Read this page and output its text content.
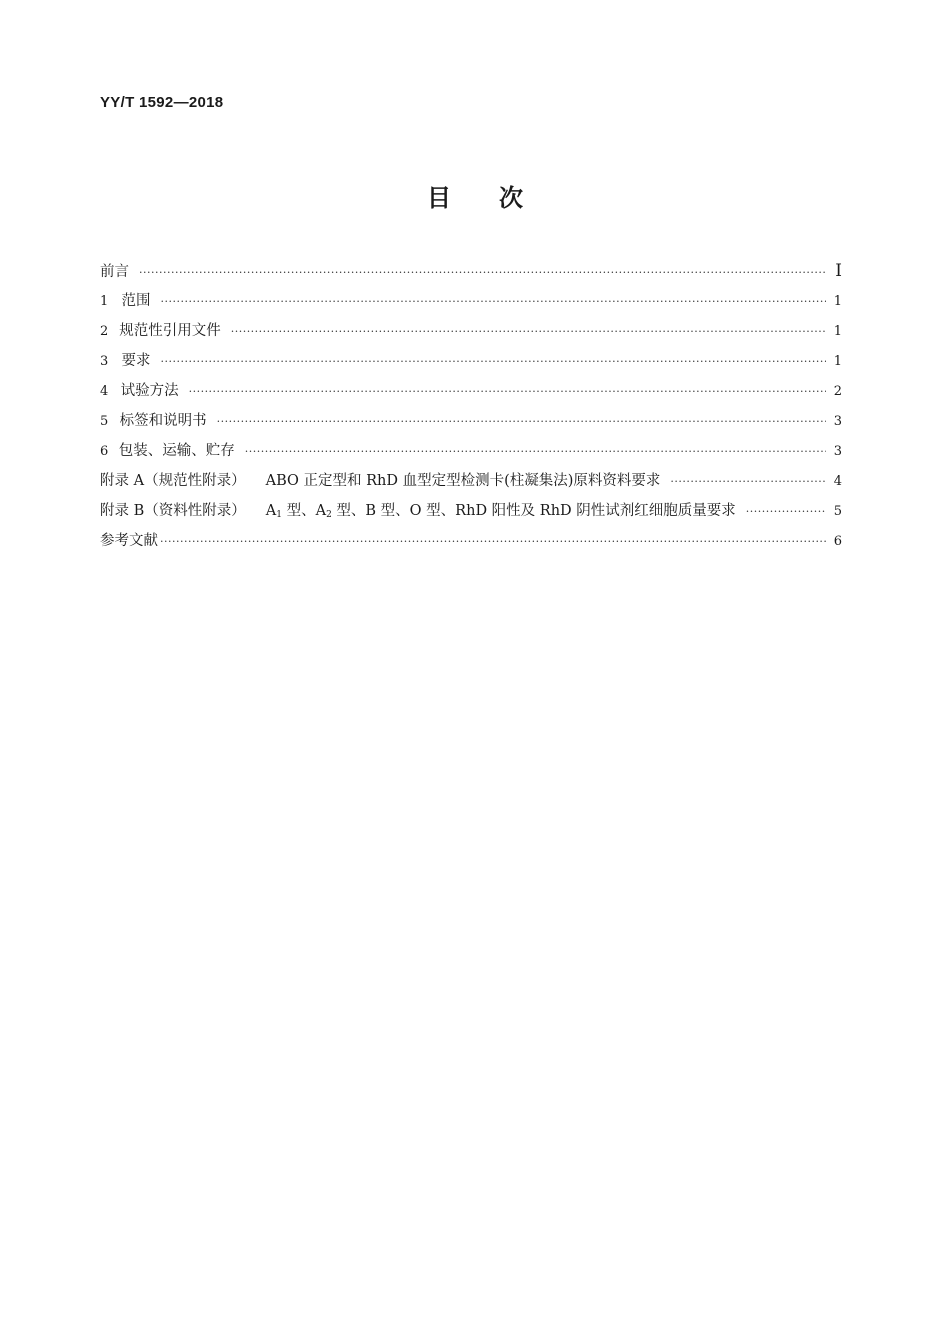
YY/T 1592—2018
目次
前言 ·····	Ⅰ
1 范围 ·····	1
2 规范性引用文件 ·····	1
3 要求 ·····	1
4 试验方法 ·····	2
5 标签和说明书 ·····	3
6 包装、运输、贮存 ·····	3
附录 A（规范性附录） ABO 正定型和 RhD 血型定型检测卡(柱凝集法)原料资料要求 ·····	4
附录 B（资料性附录） $A_1$ 型、$A_2$ 型、B 型、O 型、RhD 阳性及 RhD 阴性试剂红细胞质量要求 ·····	5
参考文献 ·····	6
